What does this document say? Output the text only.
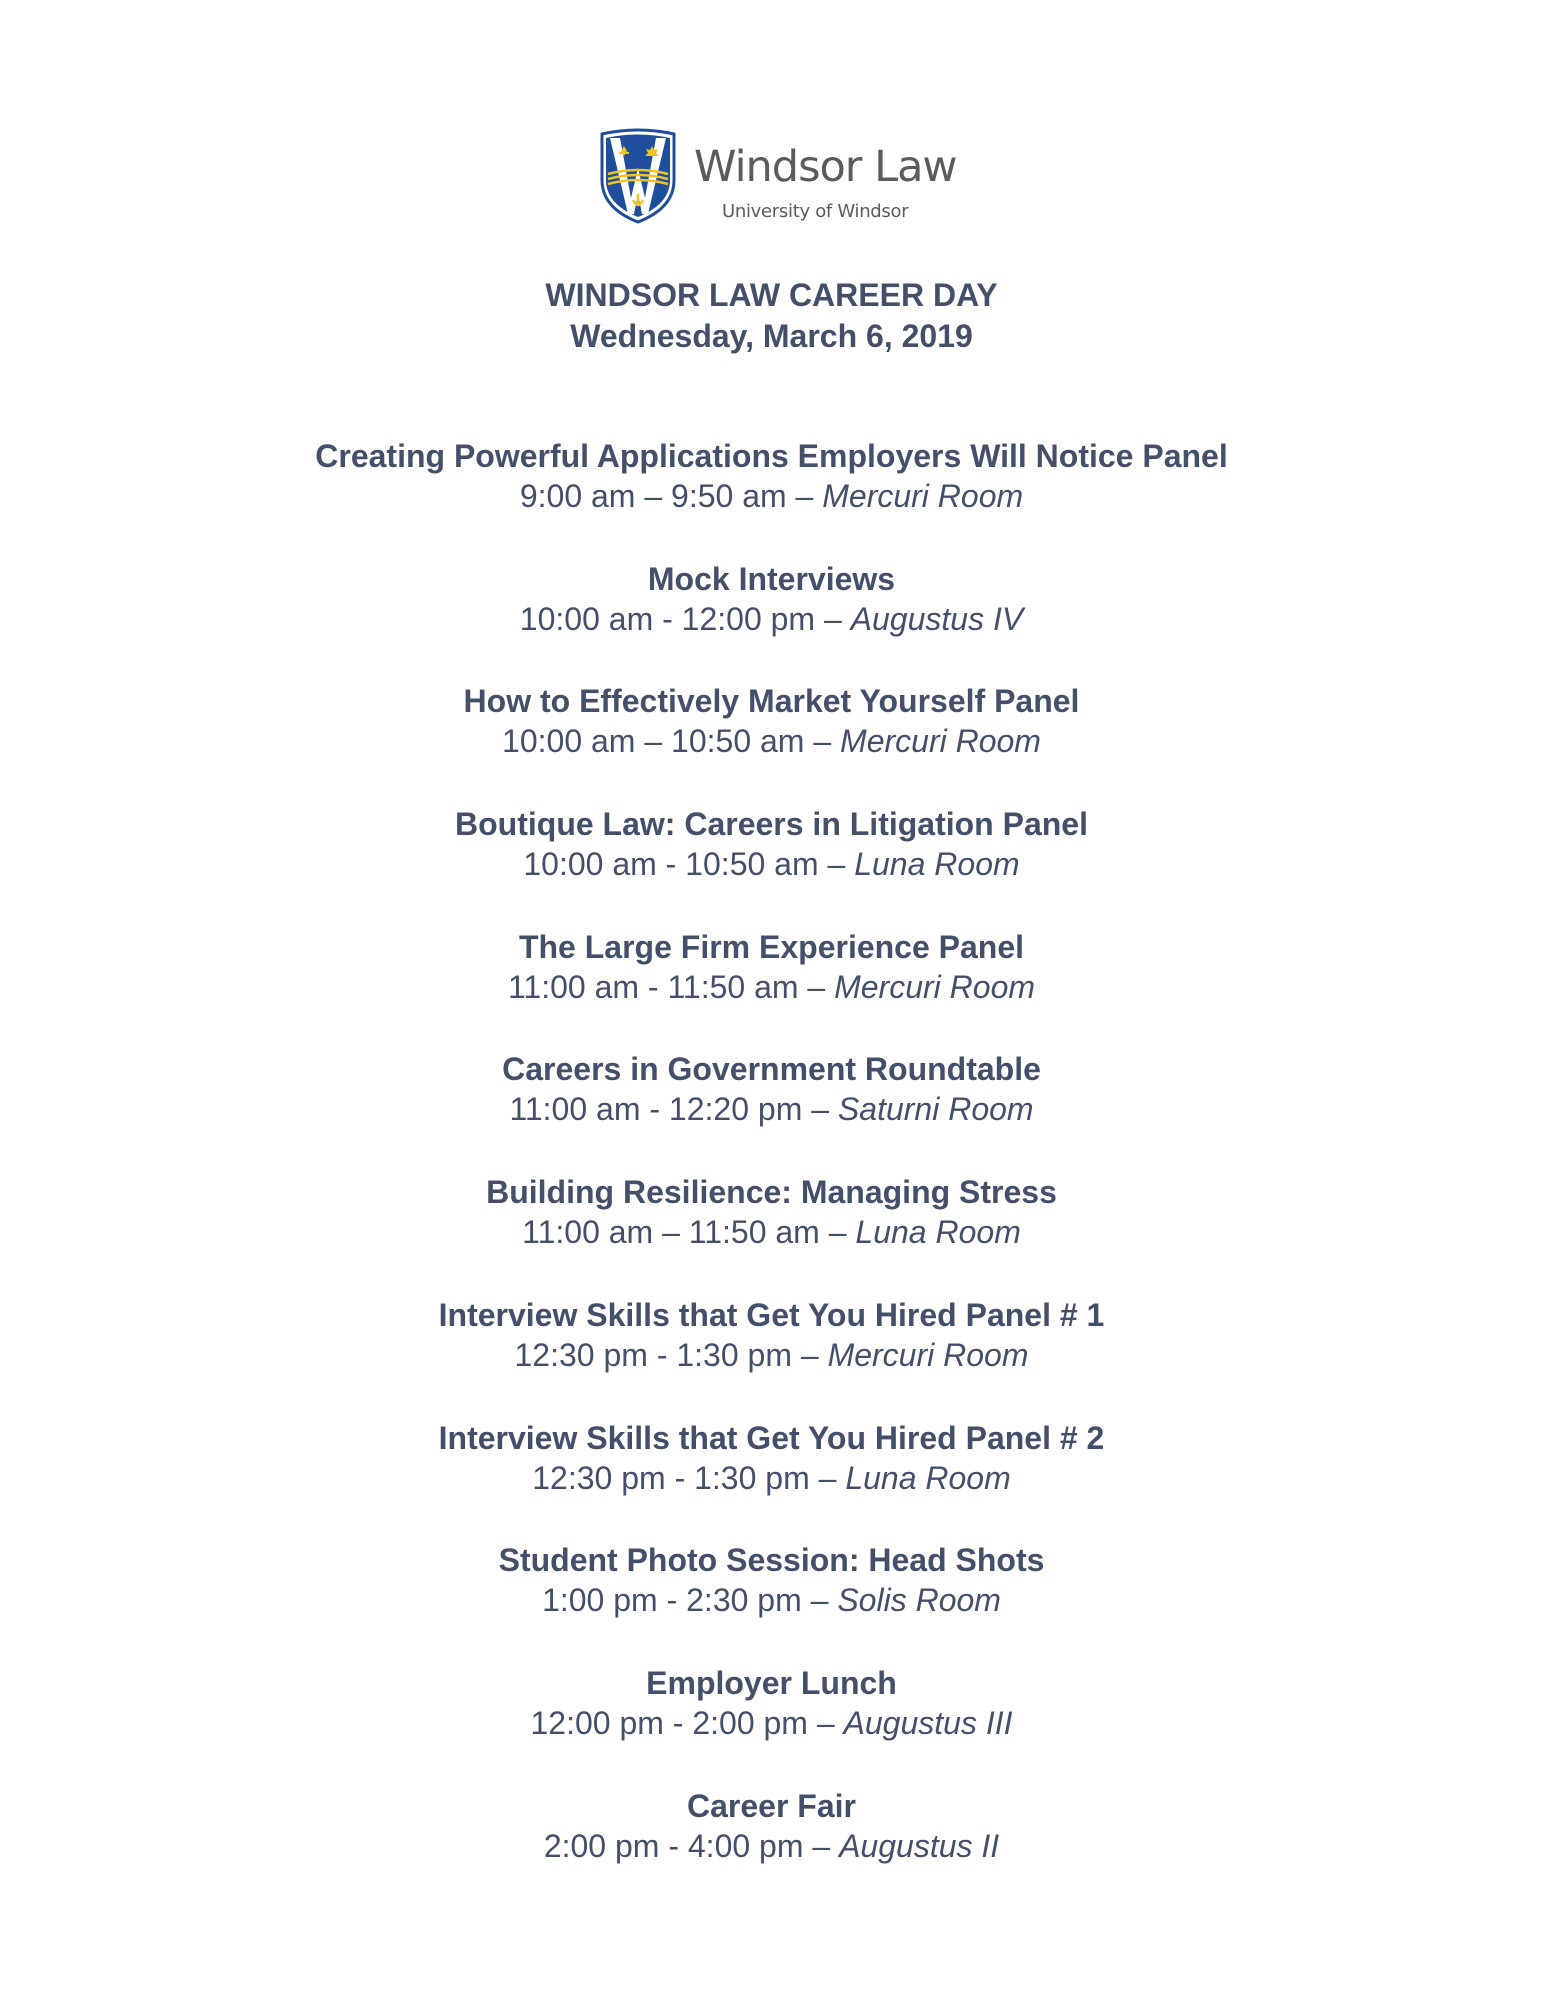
Windsor Law
University of Windsor
WINDSOR LAW CAREER DAY
Wednesday, March 6, 2019
Creating Powerful Applications Employers Will Notice Panel
9:00 am – 9:50 am – Mercuri Room
Mock Interviews
10:00 am - 12:00 pm – Augustus IV
How to Effectively Market Yourself Panel
10:00 am – 10:50 am – Mercuri Room
Boutique Law: Careers in Litigation Panel
10:00 am - 10:50 am – Luna Room
The Large Firm Experience Panel
11:00 am - 11:50 am – Mercuri Room
Careers in Government Roundtable
11:00 am - 12:20 pm – Saturni Room
Building Resilience: Managing Stress
11:00 am – 11:50 am – Luna Room
Interview Skills that Get You Hired Panel # 1
12:30 pm - 1:30 pm – Mercuri Room
Interview Skills that Get You Hired Panel # 2
12:30 pm - 1:30 pm – Luna Room
Student Photo Session: Head Shots
1:00 pm - 2:30 pm – Solis Room
Employer Lunch
12:00 pm - 2:00 pm – Augustus III
Career Fair
2:00 pm - 4:00 pm – Augustus II
